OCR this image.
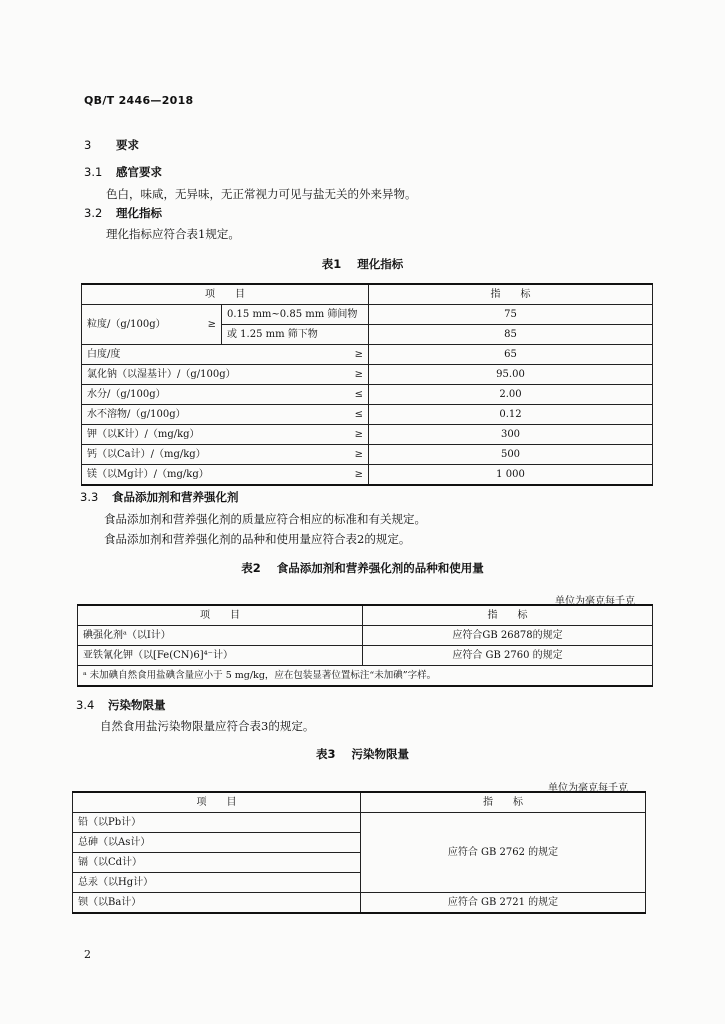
QB/T 2446—2018
3 要求
3.1 感官要求
色白，味咸，无异味，无正常视力可见与盐无关的外来异物。
3.2 理化指标
理化指标应符合表1规定。
表1 理化指标
项　　目		指　　标
粒度/（g/100g） ≥	0.15 mm~0.85 mm 筛间物	75
	或 1.25 mm 筛下物	85
白度/度 ≥		65
氯化钠（以湿基计）/（g/100g） ≥		95.00
水分/（g/100g） ≤		2.00
水不溶物/（g/100g） ≤		0.12
钾（以K计）/（mg/kg） ≥		300
钙（以Ca计）/（mg/kg） ≥		500
镁（以Mg计）/（mg/kg） ≥		1 000
3.3 食品添加剂和营养强化剂
食品添加剂和营养强化剂的质量应符合相应的标准和有关规定。
食品添加剂和营养强化剂的品种和使用量应符合表2的规定。
表2 食品添加剂和营养强化剂的品种和使用量
单位为毫克每千克
项　　目	指　　标
碘强化剂ᵃ（以I计）	应符合GB 26878的规定
亚铁氰化钾（以[Fe(CN)6]⁴⁻计）	应符合 GB 2760 的规定
ᵃ 未加碘自然食用盐碘含量应小于 5 mg/kg，应在包装显著位置标注“未加碘”字样。	
3.4 污染物限量
自然食用盐污染物限量应符合表3的规定。
表3 污染物限量
单位为毫克每千克
项　　目	指　　标
铅（以Pb计）	应符合 GB 2762 的规定
总砷（以As计）	
镉（以Cd计）	
总汞（以Hg计）	
钡（以Ba计）	应符合 GB 2721 的规定
2
